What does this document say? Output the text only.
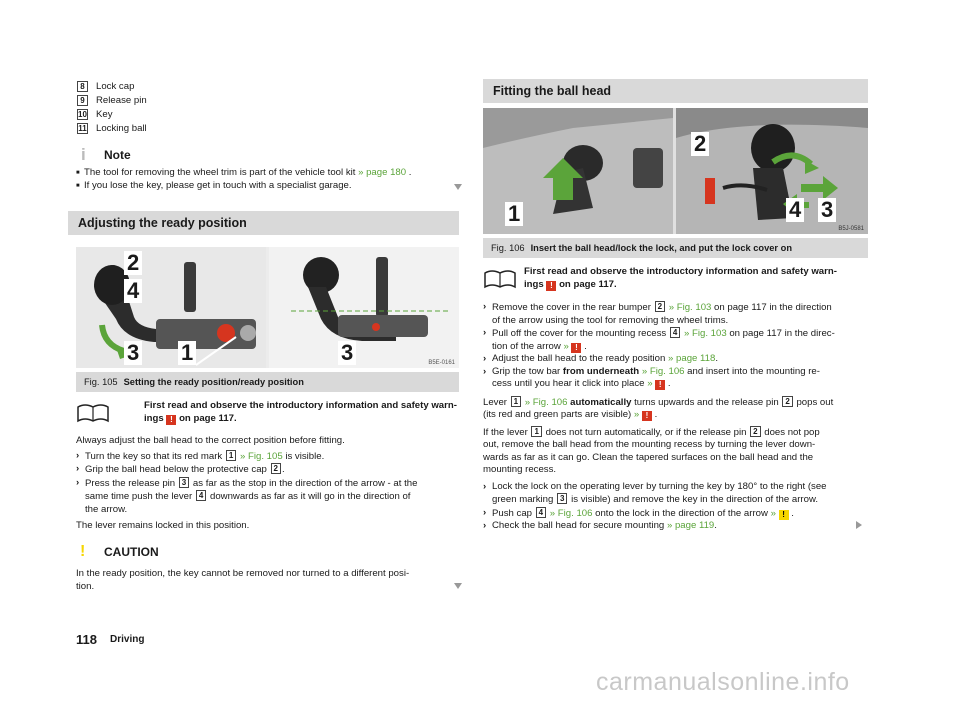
8	Lock cap
9	Release pin
10 Key
11 Locking ball
i Note
■ The tool for removing the wheel trim is part of the vehicle tool kit » page 180 .
■ If you lose the key, please get in touch with a specialist garage.
Adjusting the ready position
2
4
3 1	3	B5E-0161
Fig. 105 Setting the ready position/ready position
First read and observe the introductory information and safety warn-
ings ! on page 117.
Always adjust the ball head to the correct position before fitting.
› Turn the key so that its red mark 1 » Fig. 105 is visible.
› Grip the ball head below the protective cap 2 .
› Press the release pin 3 as far as the stop in the direction of the arrow - at the
same time push the lever 4 downwards as far as it will go in the direction of
the arrow.
The lever remains locked in this position.
! CAUTION
In the ready position, the key cannot be removed nor turned to a different posi-
tion.
118 Driving
Fitting the ball head
2
1	4 3
B5J-0581
Fig. 106 Insert the ball head/lock the lock, and put the lock cover on
First read and observe the introductory information and safety warn-
ings ! on page 117.
› Remove the cover in the rear bumper 2 » Fig. 103 on page 117 in the direction
of the arrow using the tool for removing the wheel trims.
› Pull off the cover for the mounting recess 4 » Fig. 103 on page 117 in the direc-
tion of the arrow » ! .
› Adjust the ball head to the ready position » page 118.
› Grip the tow bar from underneath » Fig. 106 and insert into the mounting re-
cess until you hear it click into place » ! .
Lever 1 » Fig. 106 automatically turns upwards and the release pin 2 pops out
(its red and green parts are visible) » ! .
If the lever 1 does not turn automatically, or if the release pin 2 does not pop
out, remove the ball head from the mounting recess by turning the lever down-
wards as far as it can go. Clean the tapered surfaces on the ball head and the
mounting recess.
› Lock the lock on the operating lever by turning the key by 180° to the right (see
green marking 3 is visible) and remove the key in the direction of the arrow.
› Push cap 4 » Fig. 106 onto the lock in the direction of the arrow » ! .
› Check the ball head for secure mounting » page 119.
carmanualsonline.info
